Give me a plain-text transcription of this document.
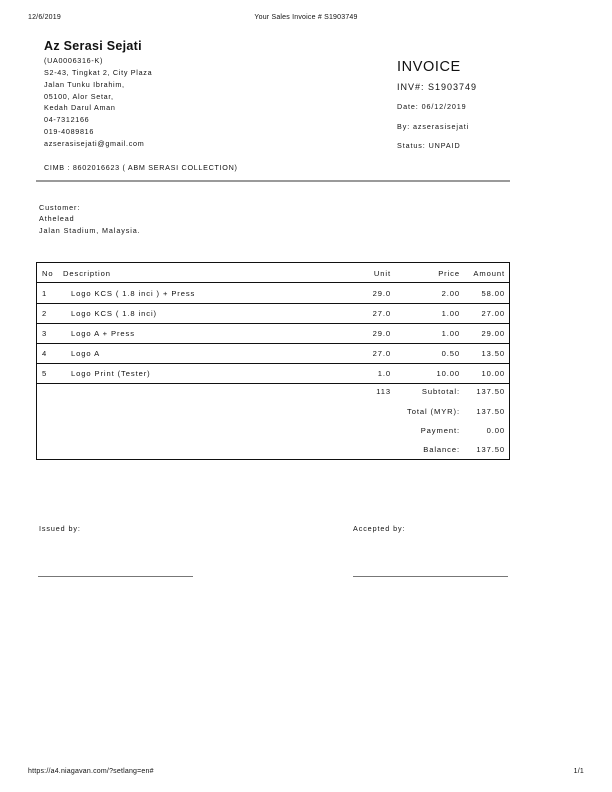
12/6/2019	Your Sales Invoice # S1903749
Az Serasi Sejati
(UA0006316-K)
S2-43, Tingkat 2, City Plaza
Jalan Tunku Ibrahim,
05100, Alor Setar,
Kedah Darul Aman
04-7312166
019-4089816
azserasisejati@gmail.com
CIMB : 8602016623 ( ABM SERASI COLLECTION)
INVOICE
INV#: S1903749
Date: 06/12/2019
By: azserasisejati
Status: UNPAID
Customer:
Athelead
Jalan Stadium, Malaysia.
No Description	Unit	Price Amount
1	Logo KCS ( 1.8 inci ) + Press	29.0	2.00	58.00
2	Logo KCS ( 1.8 inci)	27.0	1.00	27.00
3	Logo A + Press	29.0	1.00	29.00
4	Logo A	27.0	0.50	13.50
5	Logo Print (Tester)	1.0	10.00	10.00
113	Subtotal: 137.50
Total (MYR): 137.50
Payment:	0.00
Balance: 137.50
Issued by:	Accepted by:
https://a4.niagavan.com/?setlang=en#	1/1
